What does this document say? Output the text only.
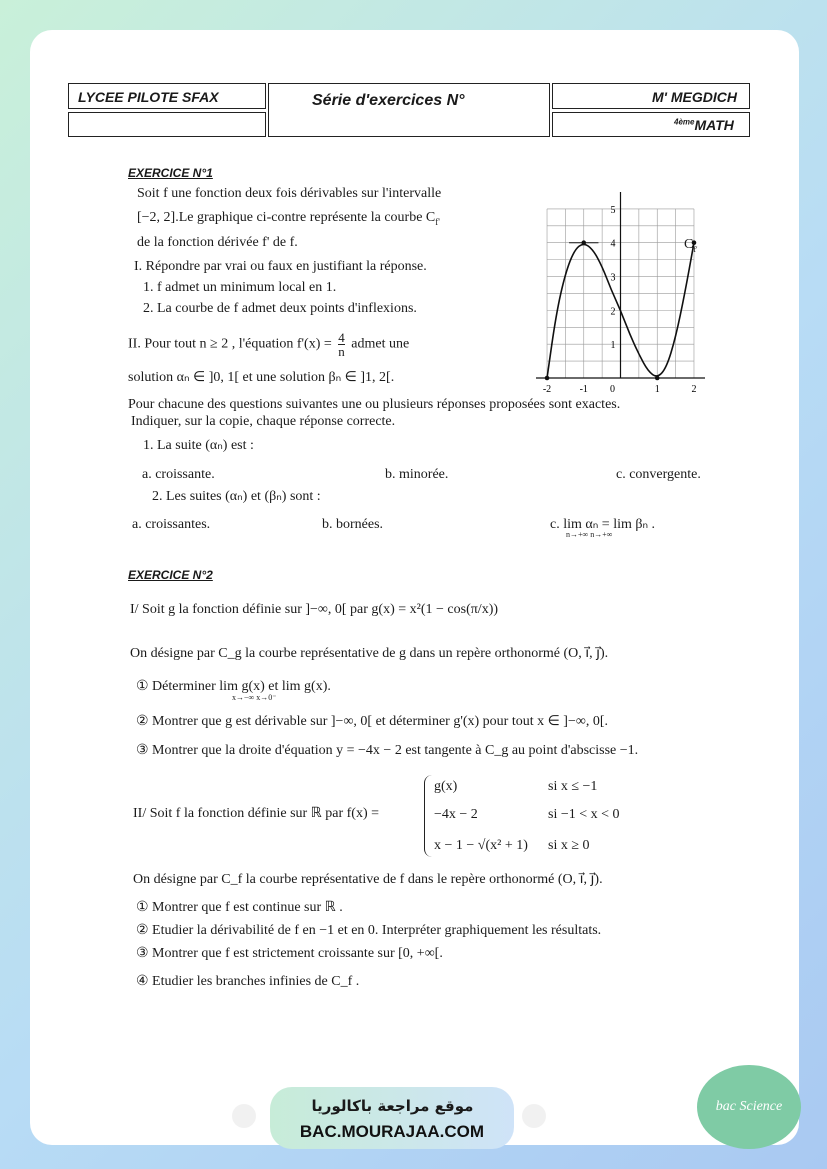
LYCEE PILOTE SFAX	Série d'exercices N°	M' MEGDICH
$^{4ème}$MATH
EXERCICE N°1
Soit f une fonction deux fois dérivables sur l'intervalle
[−2, 2].Le graphique ci-contre représente la courbe $C_{f'}$
de la fonction dérivée f' de f.
I. Répondre par vrai ou faux en justifiant la réponse.
1. f admet un minimum local en 1.
2. La courbe de f admet deux points d'inflexions.
II. Pour tout n ≥ 2 , l'équation $f'(x) = \frac{4}{n}$ admet une
solution αₙ ∈ ]0, 1[ et une solution βₙ ∈ ]1, 2[.
Pour chacune des questions suivantes une ou plusieurs réponses proposées sont exactes.
Indiquer, sur la copie, chaque réponse correcte.
1. La suite (αₙ) est :
a. croissante.	b. minorée.	c. convergente.
2. Les suites (αₙ) et (βₙ) sont :
a. croissantes.	b. bornées.	c. lim αₙ = lim βₙ .
n→+∞ n→+∞
-2	-1 0	1	2
1
2
3
4
5
$C_{f'}$
EXERCICE N°2
I/ Soit g la fonction définie sur ]−∞, 0[ par g(x) = x²(1 − cos(π/x))
On désigne par C_g la courbe représentative de g dans un repère orthonormé (O, i⃗, j⃗).
① Déterminer lim g(x) et lim g(x).
x→−∞ x→0⁻
② Montrer que g est dérivable sur ]−∞, 0[ et déterminer g'(x) pour tout x ∈ ]−∞, 0[.
③ Montrer que la droite d'équation y = −4x − 2 est tangente à C_g au point d'abscisse −1.
II/ Soit f la fonction définie sur ℝ par f(x) =
g(x)	si x ≤ −1
−4x − 2	si −1 < x < 0
x − 1 − √(x² + 1) si x ≥ 0
On désigne par C_f la courbe représentative de f dans le repère orthonormé (O, i⃗, j⃗).
① Montrer que f est continue sur ℝ .
② Etudier la dérivabilité de f en −1 et en 0. Interpréter graphiquement les résultats.
③ Montrer que f est strictement croissante sur [0, +∞[.
④ Etudier les branches infinies de C_f .
موقع مراجعة باكالوريا
BAC.MOURAJAA.COM
bac Science
